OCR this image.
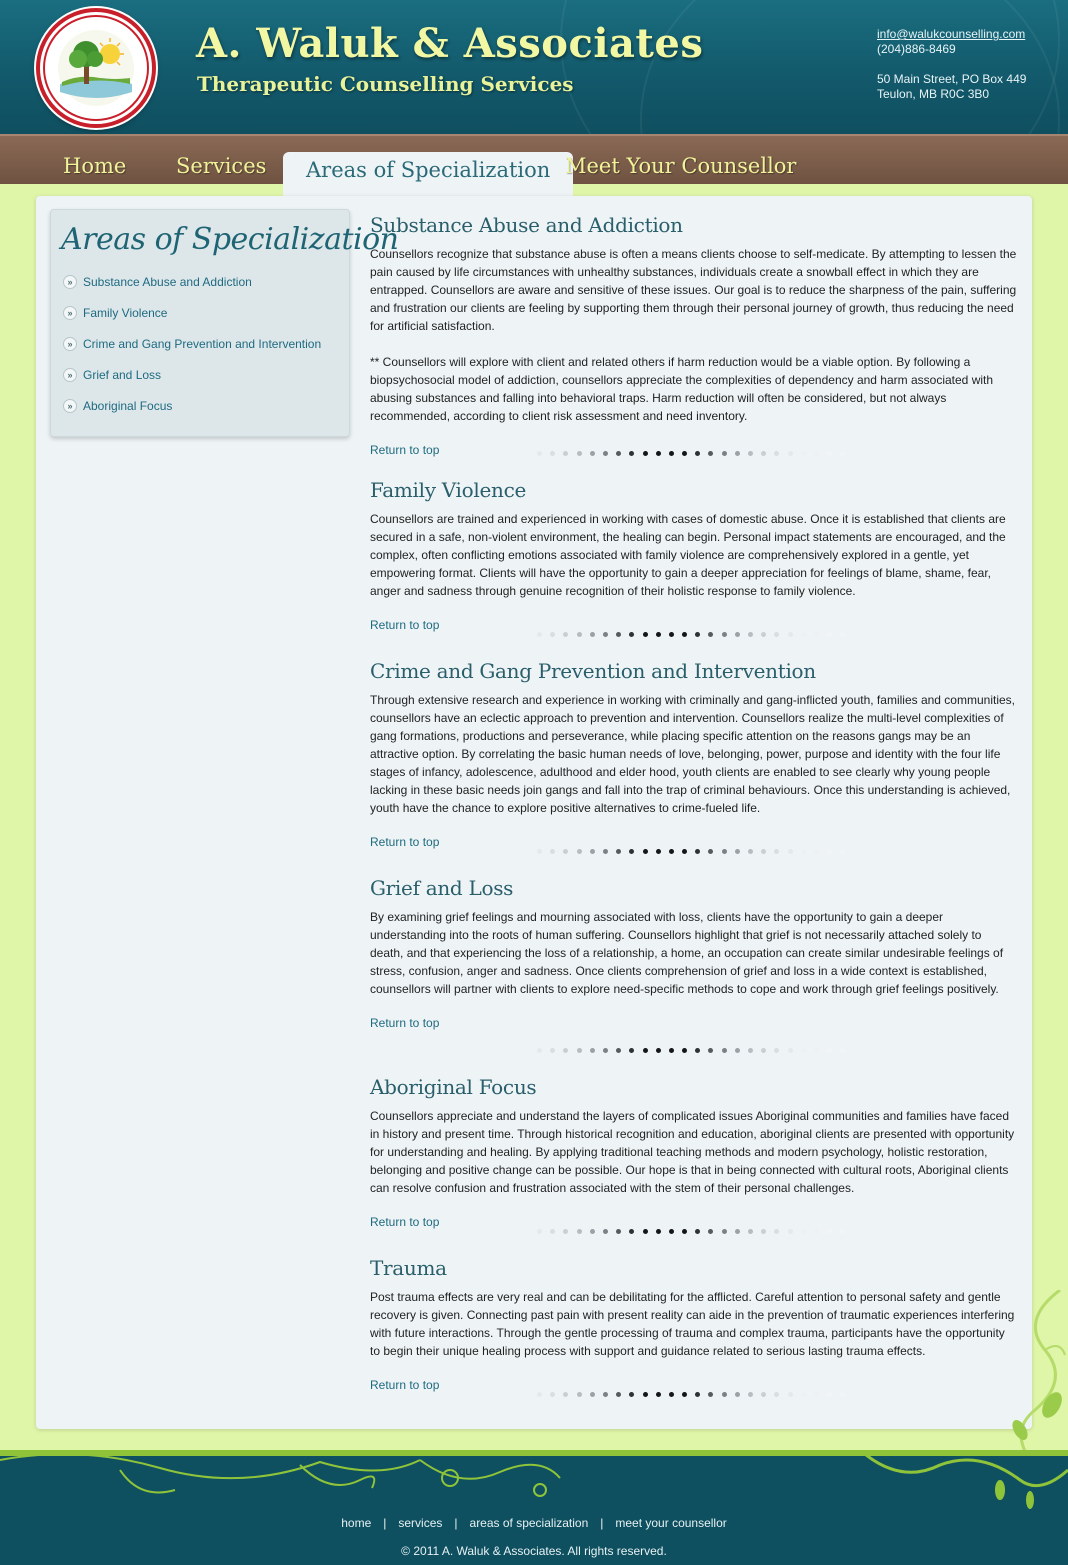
A. Waluk & Associates
Therapeutic Counselling Services
info@walukcounselling.com
(204)886-8469
50 Main Street, PO Box 449
Teulon, MB R0C 3B0
Home Services	Areas of Specialization Meet Your Counsellor
Areas of Specialization
» Substance Abuse and Addiction
» Family Violence
» Crime and Gang Prevention and Intervention
» Grief and Loss
» Aboriginal Focus
Substance Abuse and Addiction

Counsellors recognize that substance abuse is often a means clients choose to self-medicate. By attempting to lessen the pain caused by life circumstances with unhealthy substances, individuals create a snowball effect in which they are entrapped. Counsellors are aware and sensitive of these issues. Our goal is to reduce the sharpness of the pain, suffering and frustration our clients are feeling by supporting them through their personal journey of growth, thus reducing the need for artificial satisfaction.

** Counsellors will explore with client and related others if harm reduction would be a viable option. By following a biopsychosocial model of addiction, counsellors appreciate the complexities of dependency and harm associated with abusing substances and falling into behavioral traps. Harm reduction will often be considered, but not always recommended, according to client risk assessment and need inventory.

Return to top
Family Violence

Counsellors are trained and experienced in working with cases of domestic abuse. Once it is established that clients are secured in a safe, non-violent environment, the healing can begin. Personal impact statements are encouraged, and the complex, often conflicting emotions associated with family violence are comprehensively explored in a gentle, yet empowering format. Clients will have the opportunity to gain a deeper appreciation for feelings of blame, shame, fear, anger and sadness through genuine recognition of their holistic response to family violence.

Return to top
Crime and Gang Prevention and Intervention

Through extensive research and experience in working with criminally and gang-inflicted youth, families and communities, counsellors have an eclectic approach to prevention and intervention. Counsellors realize the multi-level complexities of gang formations, productions and perseverance, while placing specific attention on the reasons gangs may be an attractive option. By correlating the basic human needs of love, belonging, power, purpose and identity with the four life stages of infancy, adolescence, adulthood and elder hood, youth clients are enabled to see clearly why young people lacking in these basic needs join gangs and fall into the trap of criminal behaviours. Once this understanding is achieved, youth have the chance to explore positive alternatives to crime-fueled life.

Return to top
Grief and Loss

By examining grief feelings and mourning associated with loss, clients have the opportunity to gain a deeper understanding into the roots of human suffering. Counsellors highlight that grief is not necessarily attached solely to death, and that experiencing the loss of a relationship, a home, an occupation can create similar undesirable feelings of stress, confusion, anger and sadness. Once clients comprehension of grief and loss in a wide context is established, counsellors will partner with clients to explore need-specific methods to cope and work through grief feelings positively.

Return to top
Aboriginal Focus

Counsellors appreciate and understand the layers of complicated issues Aboriginal communities and families have faced in history and present time. Through historical recognition and education, aboriginal clients are presented with opportunity for understanding and healing. By applying traditional teaching methods and modern psychology, holistic restoration, belonging and positive change can be possible. Our hope is that in being connected with cultural roots, Aboriginal clients can resolve confusion and frustration associated with the stem of their personal challenges.

Return to top
Trauma

Post trauma effects are very real and can be debilitating for the afflicted. Careful attention to personal safety and gentle recovery is given. Connecting past pain with present reality can aide in the prevention of traumatic experiences interfering with future interactions. Through the gentle processing of trauma and complex trauma, participants have the opportunity to begin their unique healing process with support and guidance related to serious lasting trauma effects.

Return to top
home | services | areas of specialization | meet your counsellor
© 2011 A. Waluk & Associates. All rights reserved.
